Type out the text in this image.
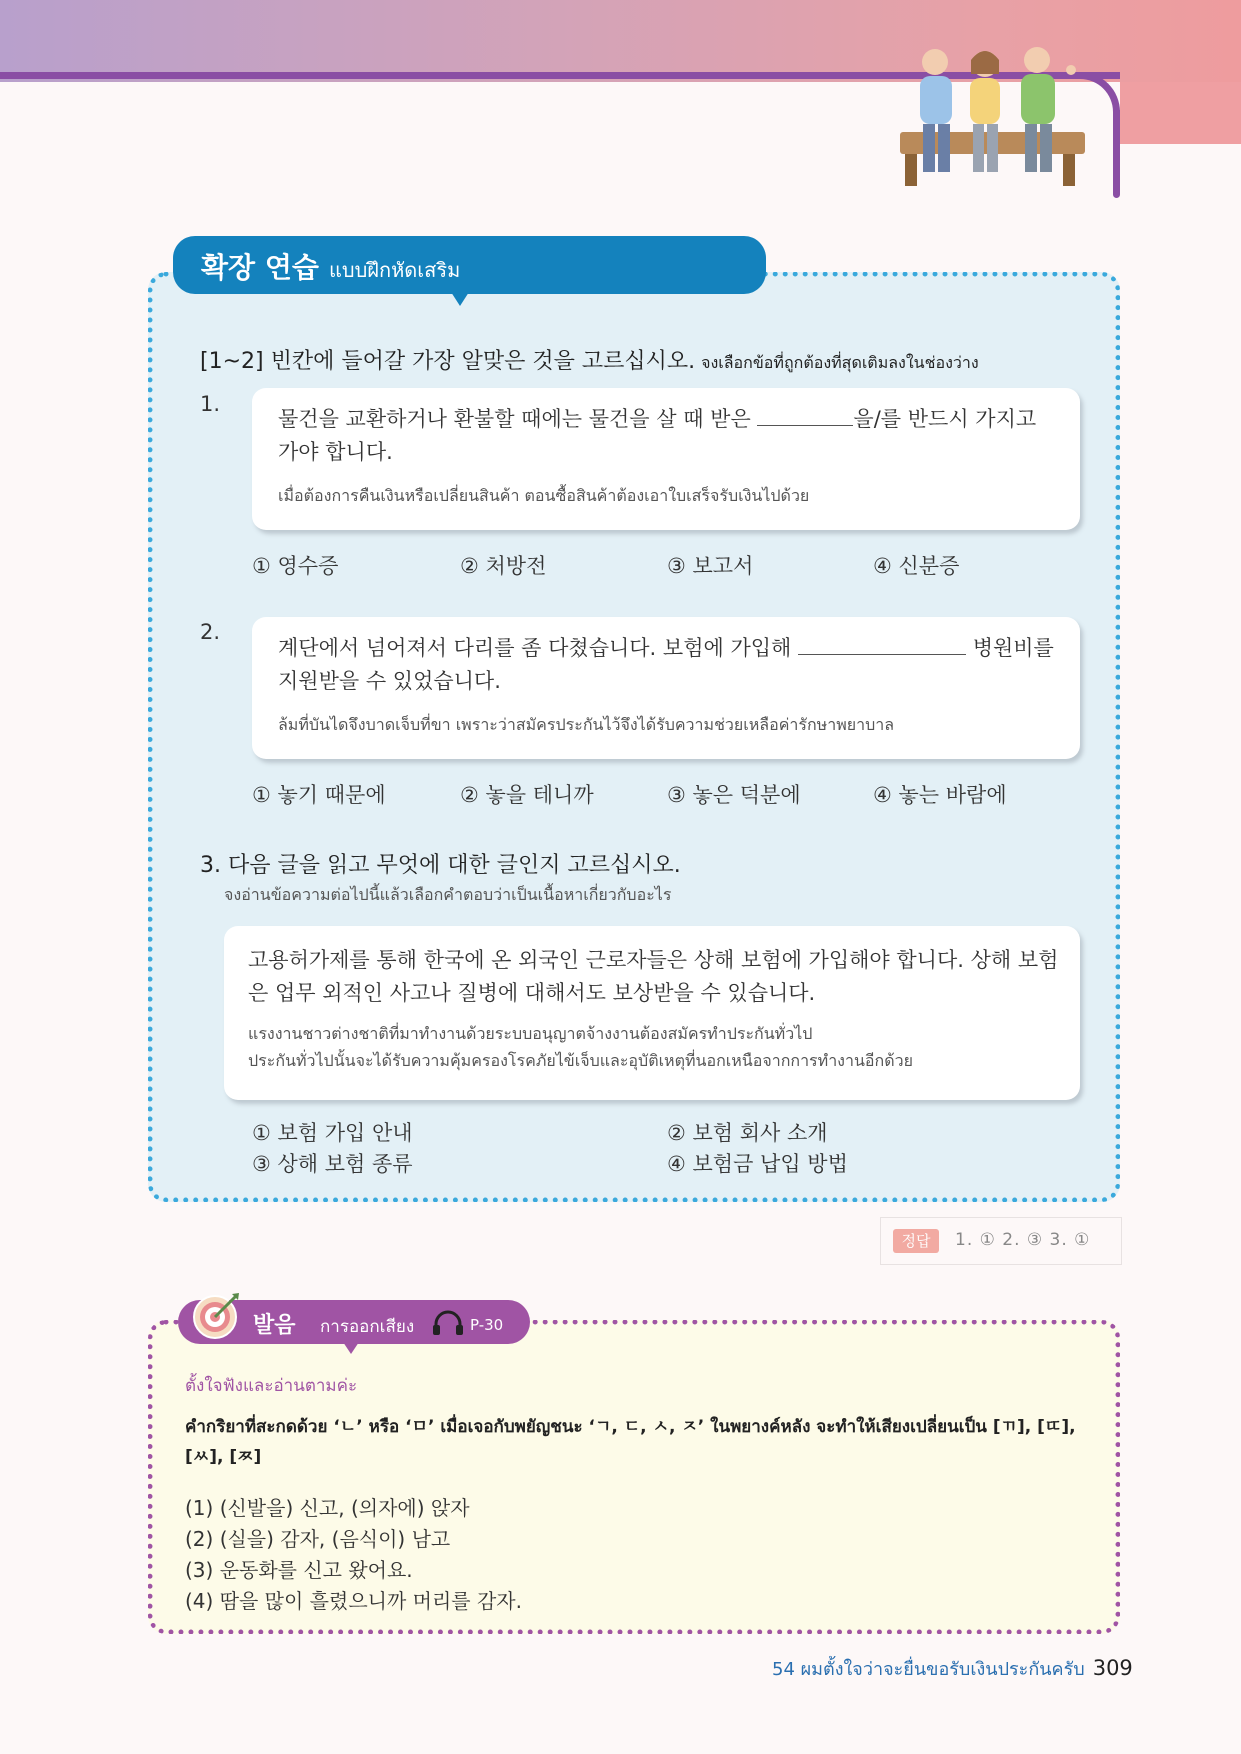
확장 연습 แบบฝึกหัดเสริม
[1~2] 빈칸에 들어갈 가장 알맞은 것을 고르십시오. จงเลือกข้อที่ถูกต้องที่สุดเติมลงในช่องว่าง
1.
물건을 교환하거나 환불할 때에는 물건을 살 때 받은	을/를 반드시 가지고
가야 합니다.
เมื่อต้องการคืนเงินหรือเปลี่ยนสินค้า ตอนซื้อสินค้าต้องเอาใบเสร็จรับเงินไปด้วย
① 영수증	② 처방전	③ 보고서	④ 신분증
2.
계단에서 넘어져서 다리를 좀 다쳤습니다. 보험에 가입해	병원비를
지원받을 수 있었습니다.
ล้มที่บันไดจึงบาดเจ็บที่ขา เพราะว่าสมัครประกันไว้จึงได้รับความช่วยเหลือค่ารักษาพยาบาล
① 놓기 때문에	② 놓을 테니까	③ 놓은 덕분에	④ 놓는 바람에
3. 다음 글을 읽고 무엇에 대한 글인지 고르십시오.
จงอ่านข้อความต่อไปนี้แล้วเลือกคำตอบว่าเป็นเนื้อหาเกี่ยวกับอะไร
고용허가제를 통해 한국에 온 외국인 근로자들은 상해 보험에 가입해야 합니다. 상해 보험
은 업무 외적인 사고나 질병에 대해서도 보상받을 수 있습니다.
แรงงานชาวต่างชาติที่มาทำงานด้วยระบบอนุญาตจ้างงานต้องสมัครทำประกันทั่วไป
ประกันทั่วไปนั้นจะได้รับความคุ้มครองโรคภัยไข้เจ็บและอุบัติเหตุที่นอกเหนือจากการทำงานอีกด้วย
① 보험 가입 안내	② 보험 회사 소개
③ 상해 보험 종류	④ 보험금 납입 방법
정답	1. ① 2. ③ 3. ①
발음 การออกเสียง	P-30
ตั้งใจฟังและอ่านตามค่ะ
คำกริยาที่สะกดด้วย ‘ㄴ’ หรือ ‘ㅁ’ เมื่อเจอกับพยัญชนะ ‘ㄱ, ㄷ, ㅅ, ㅈ’ ในพยางค์หลัง จะทำให้เสียงเปลี่ยนเป็น [ㄲ], [ㄸ],
[ㅆ], [ㅉ]
(1) (신발을) 신고, (의자에) 앉자
(2) (실을) 감자, (음식이) 남고
(3) 운동화를 신고 왔어요.
(4) 땀을 많이 흘렸으니까 머리를 감자.
54 ผมตั้งใจว่าจะยื่นขอรับเงินประกันครับ 309
